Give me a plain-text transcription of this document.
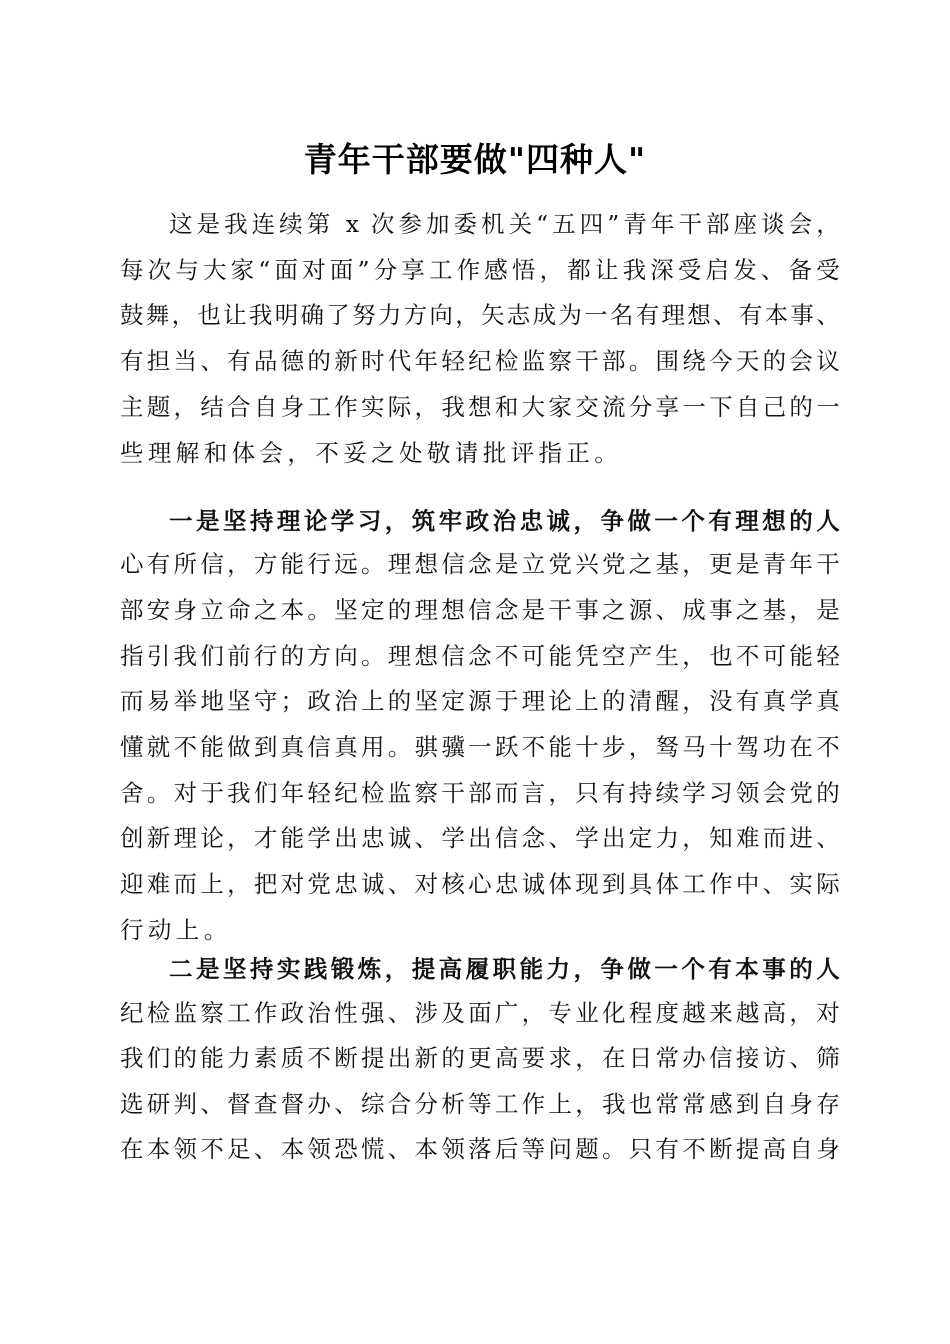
青年干部要做"四种人"
这是我连续第 x 次参加委机关“五四”青年干部座谈会，
每次与大家“面对面”分享工作感悟，都让我深受启发、备受
鼓舞，也让我明确了努力方向，矢志成为一名有理想、有本事、
有担当、有品德的新时代年轻纪检监察干部。围绕今天的会议
主题，结合自身工作实际，我想和大家交流分享一下自己的一
些理解和体会，不妥之处敬请批评指正。
一是坚持理论学习，筑牢政治忠诚，争做一个有理想的人
心有所信，方能行远。理想信念是立党兴党之基，更是青年干
部安身立命之本。坚定的理想信念是干事之源、成事之基，是
指引我们前行的方向。理想信念不可能凭空产生，也不可能轻
而易举地坚守；政治上的坚定源于理论上的清醒，没有真学真
懂就不能做到真信真用。骐骥一跃不能十步，驽马十驾功在不
舍。对于我们年轻纪检监察干部而言，只有持续学习领会党的
创新理论，才能学出忠诚、学出信念、学出定力，知难而进、
迎难而上，把对党忠诚、对核心忠诚体现到具体工作中、实际
行动上。
二是坚持实践锻炼，提高履职能力，争做一个有本事的人
纪检监察工作政治性强、涉及面广，专业化程度越来越高，对
我们的能力素质不断提出新的更高要求，在日常办信接访、筛
选研判、督查督办、综合分析等工作上，我也常常感到自身存
在本领不足、本领恐慌、本领落后等问题。只有不断提高自身
